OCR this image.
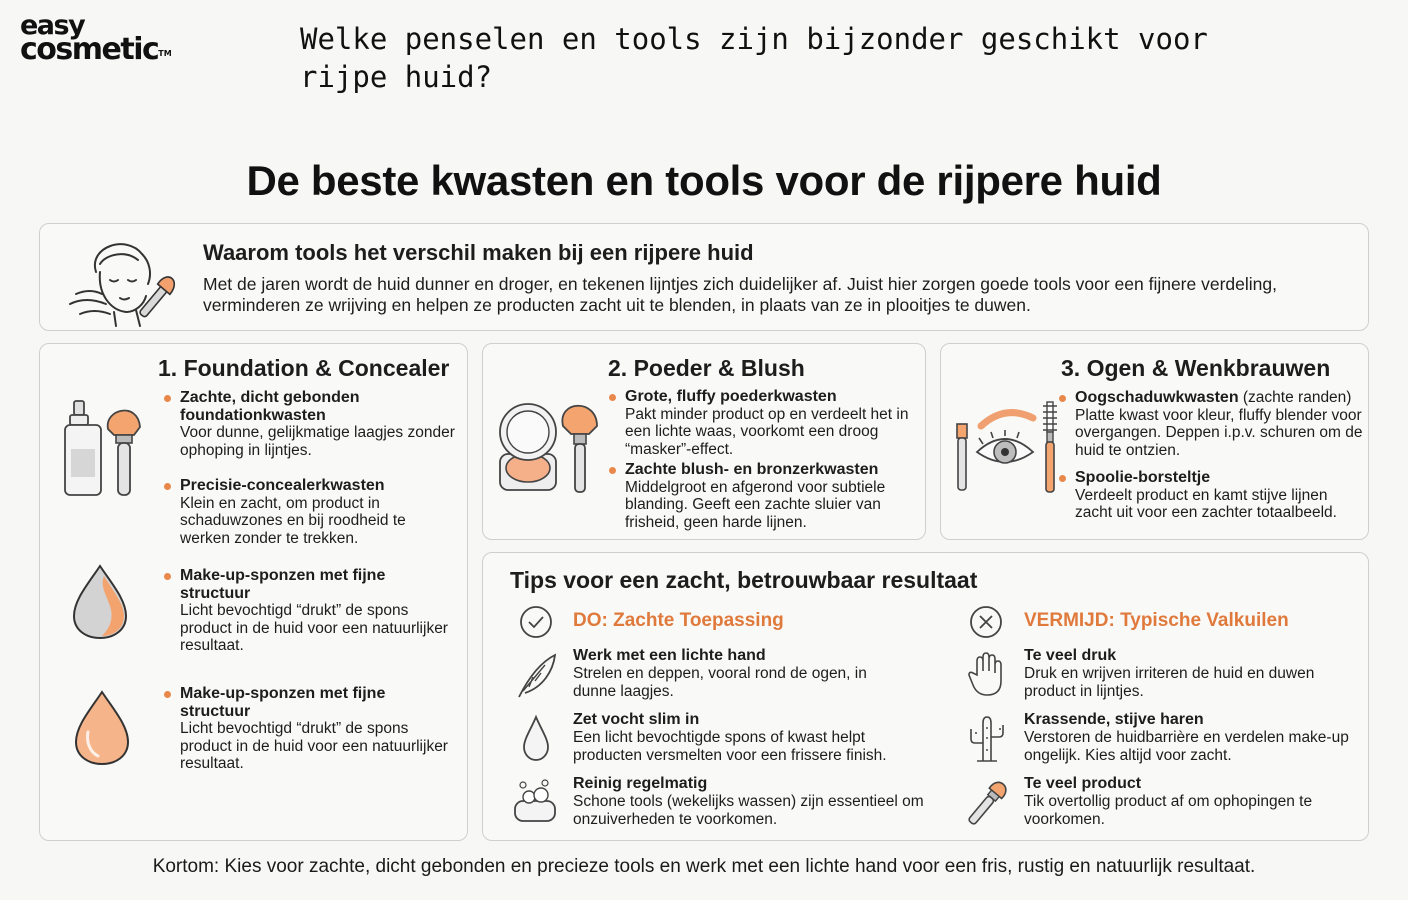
easy
cosmetic™	Welke penselen en tools zijn bijzonder geschikt voor rijpe huid?
De beste kwasten en tools voor de rijpere huid
Waarom tools het verschil maken bij een rijpere huid

Met de jaren wordt de huid dunner en droger, en tekenen lijntjes zich duidelijker af. Juist hier zorgen goede tools voor een fijnere verdeling, verminderen ze wrijving en helpen ze producten zacht uit te blenden, in plaats van ze in plooitjes te duwen.

1. Foundation & Concealer
Zachte, dicht gebonden foundationkwasten
Voor dunne, gelijkmatige laagjes zonder ophoping in lijntjes.
Precisie-concealerkwasten
Klein en zacht, om product in schaduwzones en bij roodheid te werken zonder te trekken.
Make-up-sponzen met fijne structuur
Licht bevochtigd “drukt” de spons product in de huid voor een natuurlijker resultaat.
Make-up-sponzen met fijne structuur
Licht bevochtigd “drukt” de spons product in de huid voor een natuurlijker resultaat.
2. Poeder & Blush
Grote, fluffy poederkwasten
Pakt minder product op en verdeelt het in een lichte waas, voorkomt een droog “masker”-effect.
Zachte blush- en bronzerkwasten
Middelgroot en afgerond voor subtiele blanding. Geeft een zachte sluier van frisheid, geen harde lijnen.
3. Ogen & Wenkbrauwen
Oogschaduwkwasten (zachte randen)
Platte kwast voor kleur, fluffy blender voor overgangen. Deppen i.p.v. schuren om de huid te ontzien.
Spoolie-borsteltje
Verdeelt product en kamt stijve lijnen zacht uit voor een zachter totaalbeeld.
Tips voor een zacht, betrouwbaar resultaat
DO: Zachte Toepassing	VERMIJD: Typische Valkuilen
Werk met een lichte hand
Strelen en deppen, vooral rond de ogen, in dunne laagjes.
Zet vocht slim in
Een licht bevochtigde spons of kwast helpt producten versmelten voor een frissere finish.
Reinig regelmatig
Schone tools (wekelijks wassen) zijn essentieel om onzuiverheden te voorkomen.
Te veel druk
Druk en wrijven irriteren de huid en duwen product in lijntjes.
Krassende, stijve haren
Verstoren de huidbarrière en verdelen make-up ongelijk. Kies altijd voor zacht.
Te veel product
Tik overtollig product af om ophopingen te voorkomen.
Kortom: Kies voor zachte, dicht gebonden en precieze tools en werk met een lichte hand voor een fris, rustig en natuurlijk resultaat.
